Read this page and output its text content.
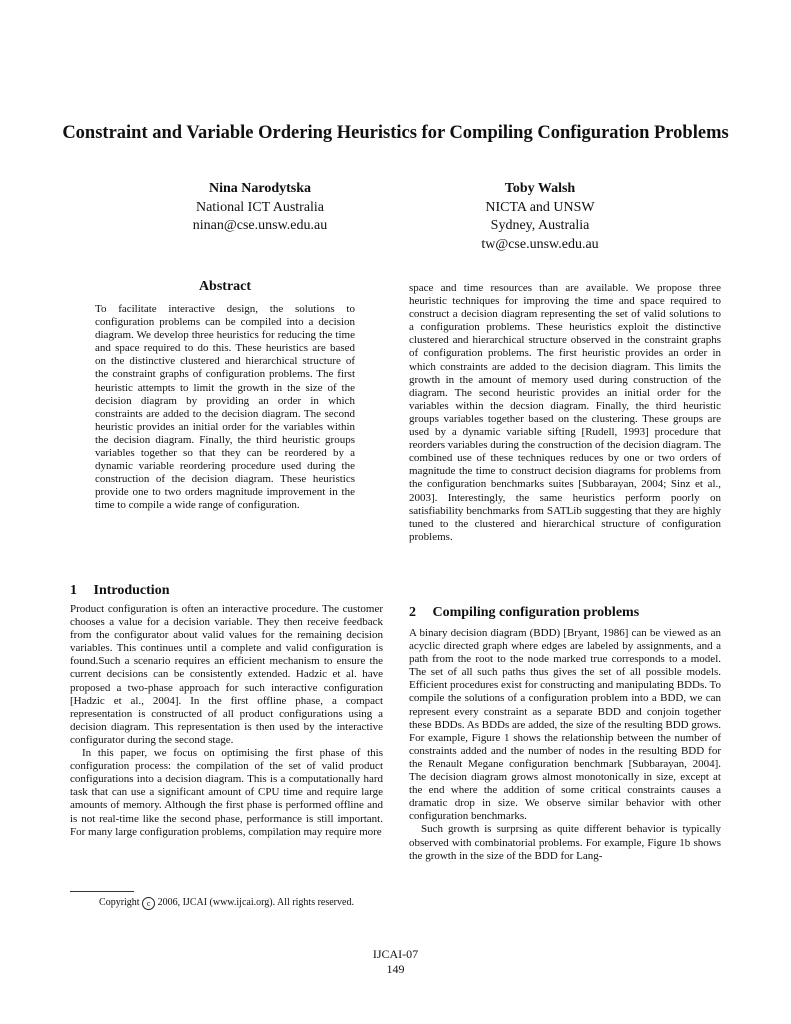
Constraint and Variable Ordering Heuristics for Compiling Configuration Problems
Nina Narodytska
National ICT Australia
ninan@cse.unsw.edu.au
Toby Walsh
NICTA and UNSW
Sydney, Australia
tw@cse.unsw.edu.au
Abstract

To facilitate interactive design, the solutions to configuration problems can be compiled into a decision diagram. We develop three heuristics for reducing the time and space required to do this. These heuristics are based on the distinctive clustered and hierarchical structure of the constraint graphs of configuration problems. The first heuristic attempts to limit the growth in the size of the decision diagram by providing an order in which constraints are added to the decision diagram. The second heuristic provides an initial order for the variables within the decision diagram. Finally, the third heuristic groups variables together so that they can be reordered by a dynamic variable reordering procedure used during the construction of the decision diagram. These heuristics provide one to two orders magnitude improvement in the time to compile a wide range of configuration.

1 Introduction

Product configuration is often an interactive procedure. The customer chooses a value for a decision variable. They then receive feedback from the configurator about valid values for the remaining decision variables. This continues until a complete and valid configuration is found.Such a scenario requires an efficient mechanism to ensure the current decisions can be consistently extended. Hadzic et al. have proposed a two-phase approach for such interactive configuration [Hadzic et al., 2004]. In the first offline phase, a compact representation is constructed of all product configurations using a decision diagram. This representation is then used by the interactive configurator during the second stage.

In this paper, we focus on optimising the first phase of this configuration process: the compilation of the set of valid product configurations into a decision diagram. This is a computationally hard task that can use a significant amount of CPU time and require large amounts of memory. Although the first phase is performed offline and is not real-time like the second phase, performance is still important. For many large configuration problems, compilation may require more

Copyright c 2006, IJCAI (www.ijcai.org). All rights reserved.

space and time resources than are available. We propose three heuristic techniques for improving the time and space required to construct a decision diagram representing the set of valid solutions to a configuration problems. These heuristics exploit the distinctive clustered and hierarchical structure observed in the constraint graphs of configuration problems. The first heuristic provides an order in which constraints are added to the decision diagram. This limits the growth in the amount of memory used during construction of the diagram. The second heuristic provides an initial order for the variables within the decsion diagram. Finally, the third heuristic groups variables together based on the clustering. These groups are used by a dynamic variable sifting [Rudell, 1993] procedure that reorders variables during the construction of the decision diagram. The combined use of these techniques reduces by one or two orders of magnitude the time to construct decision diagrams for problems from the configuration benchmarks suites [Subbarayan, 2004; Sinz et al., 2003]. Interestingly, the same heuristics perform poorly on satisfiability benchmarks from SATLib suggesting that they are highly tuned to the clustered and hierarchical structure of configuration problems.

2 Compiling configuration problems

A binary decision diagram (BDD) [Bryant, 1986] can be viewed as an acyclic directed graph where edges are labeled by assignments, and a path from the root to the node marked true corresponds to a model. The set of all such paths thus gives the set of all possible models. Efficient procedures exist for constructing and manipulating BDDs. To compile the solutions of a configuration problem into a BDD, we can represent every constraint as a separate BDD and conjoin together these BDDs. As BDDs are added, the size of the resulting BDD grows. For example, Figure 1 shows the relationship between the number of constraints added and the number of nodes in the resulting BDD for the Renault Megane configuration benchmark [Subbarayan, 2004]. The decision diagram grows almost monotonically in size, except at the end where the addition of some critical constraints causes a dramatic drop in size. We observe similar behavior with other configuration benchmarks.

Such growth is surprsing as quite different behavior is typically observed with combinatorial problems. For example, Figure 1b shows the growth in the size of the BDD for Lang-

IJCAI-07
149
